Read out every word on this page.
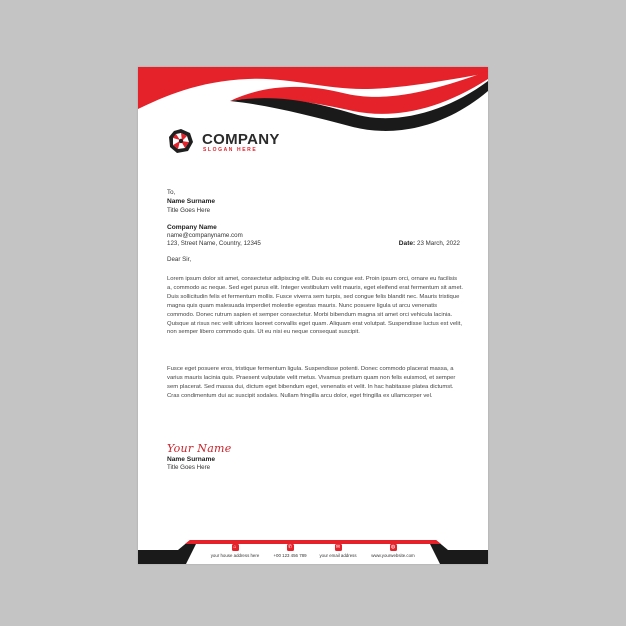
COMPANY
SLOGAN HERE
To,
Name Surname
Title Goes Here
Company Name
name@companyname.com
123, Street Name, Country, 12345	Date: 23 March, 2022
Dear Sir,
Lorem ipsum dolor sit amet, consectetur adipiscing elit. Duis eu congue est. Proin ipsum orci, ornare eu facilisis a, commodo ac neque. Sed eget purus elit. Integer vestibulum velit mauris, eget eleifend erat fermentum sit amet. Duis sollicitudin felis et fermentum mollis. Fusce viverra sem turpis, sed congue felis blandit nec. Mauris tristique magna quis quam malesuada imperdiet molestie egestas mauris. Nunc posuere ligula ut arcu venenatis commodo. Donec rutrum sapien et semper consectetur. Morbi bibendum magna sit amet orci vehicula lacinia. Quisque at risus nec velit ultrices laoreet convallis eget quam. Aliquam erat volutpat. Suspendisse luctus est velit, non semper libero commodo quis. Ut eu nisi eu neque consequat suscipit.
Fusce eget posuere eros, tristique fermentum ligula. Suspendisse potenti. Donec commodo placerat massa, a varius mauris lacinia quis. Praesent vulputate velit metus. Vivamus pretium quam non felis euismod, et semper sem placerat. Sed massa dui, dictum eget bibendum eget, venenatis et velit. In hac habitasse platea dictumst. Cras condimentum dui ac suscipit sodales. Nullam fringilla arcu dolor, eget fringilla ex ullamcorper vel.
Your Name
Name Surname
Title Goes Here
⌂
your house address here
✆
+00 123 456 789
✉
your email address
◍
www.yourwebsite.com
